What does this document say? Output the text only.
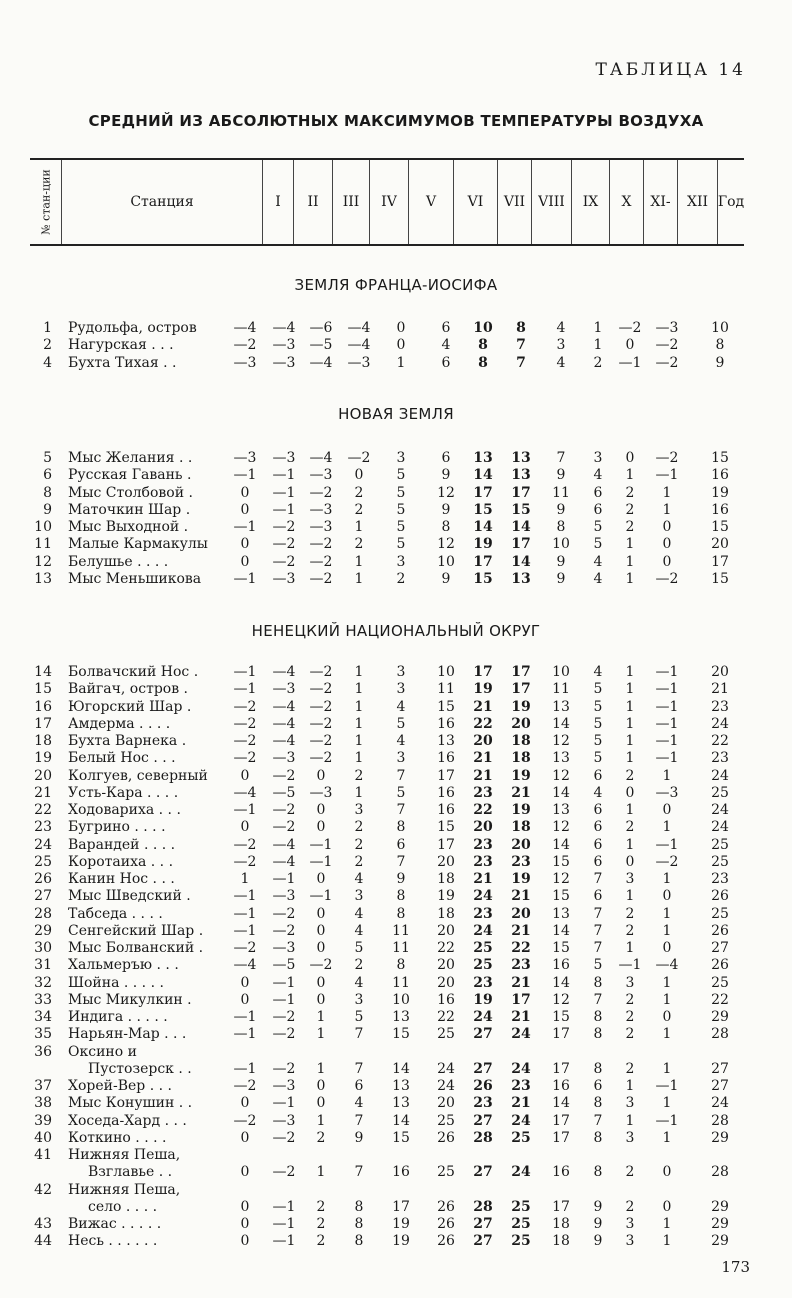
ТАБЛИЦА 14
СРЕДНИЙ ИЗ АБСОЛЮТНЫХ МАКСИМУМОВ ТЕМПЕРАТУРЫ ВОЗДУХА
№ стан-ции	Станция	I	II	III	IV	V	VI	VII VIII	IX	X	XI-	XII Год
ЗЕМЛЯ ФРАНЦА-ИОСИФА
1 Рудольфа, остров	—4	—4	—6	—4	0	6	10	8	4	1	—2	—3	10
2 Нагурская . . .	—2	—3	—5	—4	0	4	8	7	3	1	0	—2	8
4 Бухта Тихая . .	—3	—3	—4	—3	1	6	8	7	4	2	—1	—2	9
НОВАЯ ЗЕМЛЯ
5 Мыс Желания . .	—3	—3	—4	—2	3	6	13	13	7	3	0	—2	15
6 Русская Гавань .	—1	—1	—3	0	5	9	14	13	9	4	1	—1	16
8 Мыс Столбовой .	0	—1	—2	2	5	12	17	17	11	6	2	1	19
9 Маточкин Шар .	0	—1	—3	2	5	9	15	15	9	6	2	1	16
10 Мыс Выходной .	—1	—2	—3	1	5	8	14	14	8	5	2	0	15
11 Малые Кармакулы	0	—2	—2	2	5	12	19	17	10	5	1	0	20
12 Белушье . . . .	0	—2	—2	1	3	10	17	14	9	4	1	0	17
13 Мыс Меньшикова	—1	—3	—2	1	2	9	15	13	9	4	1	—2	15
НЕНЕЦКИЙ НАЦИОНАЛЬНЫЙ ОКРУГ
14 Болвачский Нос .	—1	—4	—2	1	3	10	17	17	10	4	1	—1	20
15 Вайгач, остров .	—1	—3	—2	1	3	11	19	17	11	5	1	—1	21
16 Югорский Шар .	—2	—4	—2	1	4	15	21	19	13	5	1	—1	23
17 Амдерма . . . .	—2	—4	—2	1	5	16	22	20	14	5	1	—1	24
18 Бухта Варнека .	—2	—4	—2	1	4	13	20	18	12	5	1	—1	22
19 Белый Нос . . .	—2	—3	—2	1	3	16	21	18	13	5	1	—1	23
20 Колгуев, северный	0	—2	0	2	7	17	21	19	12	6	2	1	24
21 Усть-Кара . . . .	—4	—5	—3	1	5	16	23	21	14	4	0	—3	25
22 Ходовариха . . .	—1	—2	0	3	7	16	22	19	13	6	1	0	24
23 Бугрино . . . .	0	—2	0	2	8	15	20	18	12	6	2	1	24
24 Варандей . . . .	—2	—4	—1	2	6	17	23	20	14	6	1	—1	25
25 Коротаиха . . .	—2	—4	—1	2	7	20	23	23	15	6	0	—2	25
26 Канин Нос . . .	1	—1	0	4	9	18	21	19	12	7	3	1	23
27 Мыс Шведский .	—1	—3	—1	3	8	19	24	21	15	6	1	0	26
28 Табседа . . . .	—1	—2	0	4	8	18	23	20	13	7	2	1	25
29 Сенгейский Шар .	—1	—2	0	4	11	20	24	21	14	7	2	1	26
30 Мыс Болванский .	—2	—3	0	5	11	22	25	22	15	7	1	0	27
31 Хальмеръю . . .	—4	—5	—2	2	8	20	25	23	16	5	—1	—4	26
32 Шойна . . . . .	0	—1	0	4	11	20	23	21	14	8	3	1	25
33 Мыс Микулкин .	0	—1	0	3	10	16	19	17	12	7	2	1	22
34 Индига . . . . .	—1	—2	1	5	13	22	24	21	15	8	2	0	29
35 Нарьян-Мар . . .	—1	—2	1	7	15	25	27	24	17	8	2	1	28
36 Оксино и
Пустозерск . .	—1	—2	1	7	14	24	27	24	17	8	2	1	27
37 Хорей-Вер . . .	—2	—3	0	6	13	24	26	23	16	6	1	—1	27
38 Мыс Конушин . .	0	—1	0	4	13	20	23	21	14	8	3	1	24
39 Хоседа-Хард . . .	—2	—3	1	7	14	25	27	24	17	7	1	—1	28
40 Коткино . . . .	0	—2	2	9	15	26	28	25	17	8	3	1	29
41 Нижняя Пеша,
Взглавье . .	0	—2	1	7	16	25	27	24	16	8	2	0	28
42 Нижняя Пеша,
село . . . .	0	—1	2	8	17	26	28	25	17	9	2	0	29
43 Вижас . . . . .	0	—1	2	8	19	26	27	25	18	9	3	1	29
44 Несь . . . . . .	0	—1	2	8	19	26	27	25	18	9	3	1	29
173
